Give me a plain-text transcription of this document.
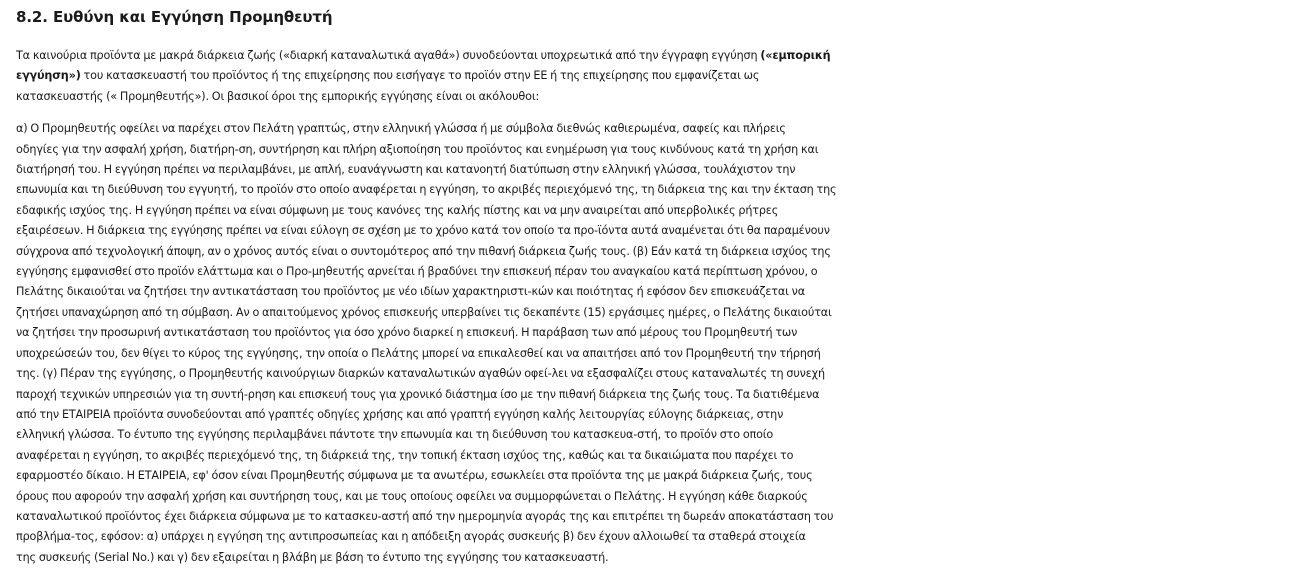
8.2. Ευθύνη και Εγγύηση Προμηθευτή

Τα καινούρια προϊόντα με μακρά διάρκεια ζωής («διαρκή καταναλωτικά αγαθά») συνοδεύονται υποχρεωτικά από την έγγραφη εγγύηση («εμπορική
εγγύηση») του κατασκευαστή του προϊόντος ή της επιχείρησης που εισήγαγε το προϊόν στην ΕΕ ή της επιχείρησης που εμφανίζεται ως
κατασκευαστής (« Προμηθευτής»). Οι βασικοί όροι της εμπορικής εγγύησης είναι οι ακόλουθοι:

α) Ο Προμηθευτής οφείλει να παρέχει στον Πελάτη γραπτώς, στην ελληνική γλώσσα ή με σύμβολα διεθνώς καθιερωμένα, σαφείς και πλήρεις
οδηγίες για την ασφαλή χρήση, διατήρη-ση, συντήρηση και πλήρη αξιοποίηση του προϊόντος και ενημέρωση για τους κινδύνους κατά τη χρήση και
διατήρησή του. Η εγγύηση πρέπει να περιλαμβάνει, με απλή, ευανάγνωστη και κατανοητή διατύπωση στην ελληνική γλώσσα, τουλάχιστον την
επωνυμία και τη διεύθυνση του εγγυητή, το προϊόν στο οποίο αναφέρεται η εγγύηση, το ακριβές περιεχόμενό της, τη διάρκεια της και την έκταση της
εδαφικής ισχύος της. Η εγγύηση πρέπει να είναι σύμφωνη με τους κανόνες της καλής πίστης και να μην αναιρείται από υπερβολικές ρήτρες
εξαιρέσεων. Η διάρκεια της εγγύησης πρέπει να είναι εύλογη σε σχέση με το χρόνο κατά τον οποίο τα προ-ϊόντα αυτά αναμένεται ότι θα παραμένουν
σύγχρονα από τεχνολογική άποψη, αν ο χρόνος αυτός είναι ο συντομότερος από την πιθανή διάρκεια ζωής τους. (β) Εάν κατά τη διάρκεια ισχύος της
εγγύησης εμφανισθεί στο προϊόν ελάττωμα και ο Προ-μηθευτής αρνείται ή βραδύνει την επισκευή πέραν του αναγκαίου κατά περίπτωση χρόνου, ο
Πελάτης δικαιούται να ζητήσει την αντικατάσταση του προϊόντος με νέο ιδίων χαρακτηριστι-κών και ποιότητας ή εφόσον δεν επισκευάζεται να
ζητήσει υπαναχώρηση από τη σύμβαση. Αν ο απαιτούμενος χρόνος επισκευής υπερβαίνει τις δεκαπέντε (15) εργάσιμες ημέρες, ο Πελάτης δικαιούται
να ζητήσει την προσωρινή αντικατάσταση του προϊόντος για όσο χρόνο διαρκεί η επισκευή. Η παράβαση των από μέρους του Προμηθευτή των
υποχρεώσεών του, δεν θίγει το κύρος της εγγύησης, την οποία ο Πελάτης μπορεί να επικαλεσθεί και να απαιτήσει από τον Προμηθευτή την τήρησή
της. (γ) Πέραν της εγγύησης, ο Προμηθευτής καινούργιων διαρκών καταναλωτικών αγαθών οφεί-λει να εξασφαλίζει στους καταναλωτές τη συνεχή
παροχή τεχνικών υπηρεσιών για τη συντή-ρηση και επισκευή τους για χρονικό διάστημα ίσο με την πιθανή διάρκεια της ζωής τους. Τα διατιθέμενα
από την ΕΤΑΙΡΕΙΑ προϊόντα συνοδεύονται από γραπτές οδηγίες χρήσης και από γραπτή εγγύηση καλής λειτουργίας εύλογης διάρκειας, στην
ελληνική γλώσσα. Το έντυπο της εγγύησης περιλαμβάνει πάντοτε την επωνυμία και τη διεύθυνση του κατασκευα-στή, το προϊόν στο οποίο
αναφέρεται η εγγύηση, το ακριβές περιεχόμενό της, τη διάρκειά της, την τοπική έκταση ισχύος της, καθώς και τα δικαιώματα που παρέχει το
εφαρμοστέο δίκαιο. Η ΕΤΑΙΡΕΙΑ, εφ' όσον είναι Προμηθευτής σύμφωνα με τα ανωτέρω, εσωκλείει στα προϊόντα της με μακρά διάρκεια ζωής, τους
όρους που αφορούν την ασφαλή χρήση και συντήρηση τους, και με τους οποίους οφείλει να συμμορφώνεται ο Πελάτης. Η εγγύηση κάθε διαρκούς
καταναλωτικού προϊόντος έχει διάρκεια σύμφωνα με το κατασκευ-αστή από την ημερομηνία αγοράς της και επιτρέπει τη δωρεάν αποκατάσταση του
προβλήμα-τος, εφόσον: α) υπάρχει η εγγύηση της αντιπροσωπείας και η απόδειξη αγοράς συσκευής β) δεν έχουν αλλοιωθεί τα σταθερά στοιχεία
της συσκευής (Serial No.) και γ) δεν εξαιρείται η βλάβη με βάση το έντυπο της εγγύησης του κατασκευαστή.
